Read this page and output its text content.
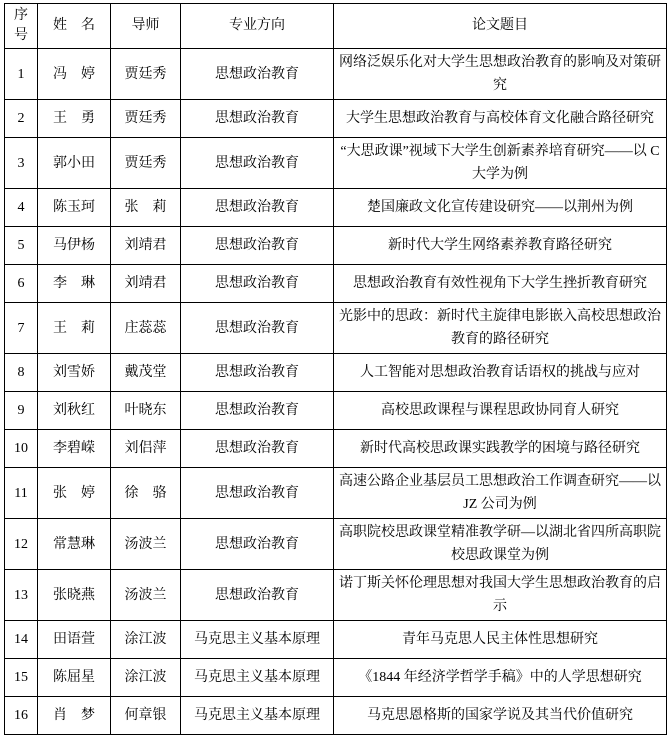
序号	姓　名	导师	专业方向	论文题目
1	冯　婷	贾廷秀	思想政治教育	网络泛娱乐化对大学生思想政治教育的影响及对策研究
2	王　勇	贾廷秀	思想政治教育	大学生思想政治教育与高校体育文化融合路径研究
3	郭小田	贾廷秀	思想政治教育	“大思政课”视域下大学生创新素养培育研究——以 C 大学为例
4	陈玉珂	张　莉	思想政治教育	楚国廉政文化宣传建设研究——以荆州为例
5	马伊杨	刘靖君	思想政治教育	新时代大学生网络素养教育路径研究
6	李　琳	刘靖君	思想政治教育	思想政治教育有效性视角下大学生挫折教育研究
7	王　莉	庄蕊蕊	思想政治教育	光影中的思政：新时代主旋律电影嵌入高校思想政治教育的路径研究
8	刘雪娇	戴茂堂	思想政治教育	人工智能对思想政治教育话语权的挑战与应对
9	刘秋红	叶晓东	思想政治教育	高校思政课程与课程思政协同育人研究
10	李碧嵘	刘侣萍	思想政治教育	新时代高校思政课实践教学的困境与路径研究
11	张　婷	徐　骆	思想政治教育	高速公路企业基层员工思想政治工作调查研究——以 JZ 公司为例
12	常慧琳	汤波兰	思想政治教育	高职院校思政课堂精准教学研—以湖北省四所高职院校思政课堂为例
13	张晓燕	汤波兰	思想政治教育	诺丁斯关怀伦理思想对我国大学生思想政治教育的启示
14	田语萱	涂江波	马克思主义基本原理	青年马克思人民主体性思想研究
15	陈屈星	涂江波	马克思主义基本原理	《1844 年经济学哲学手稿》中的人学思想研究
16	肖　梦	何章银	马克思主义基本原理	马克思恩格斯的国家学说及其当代价值研究
